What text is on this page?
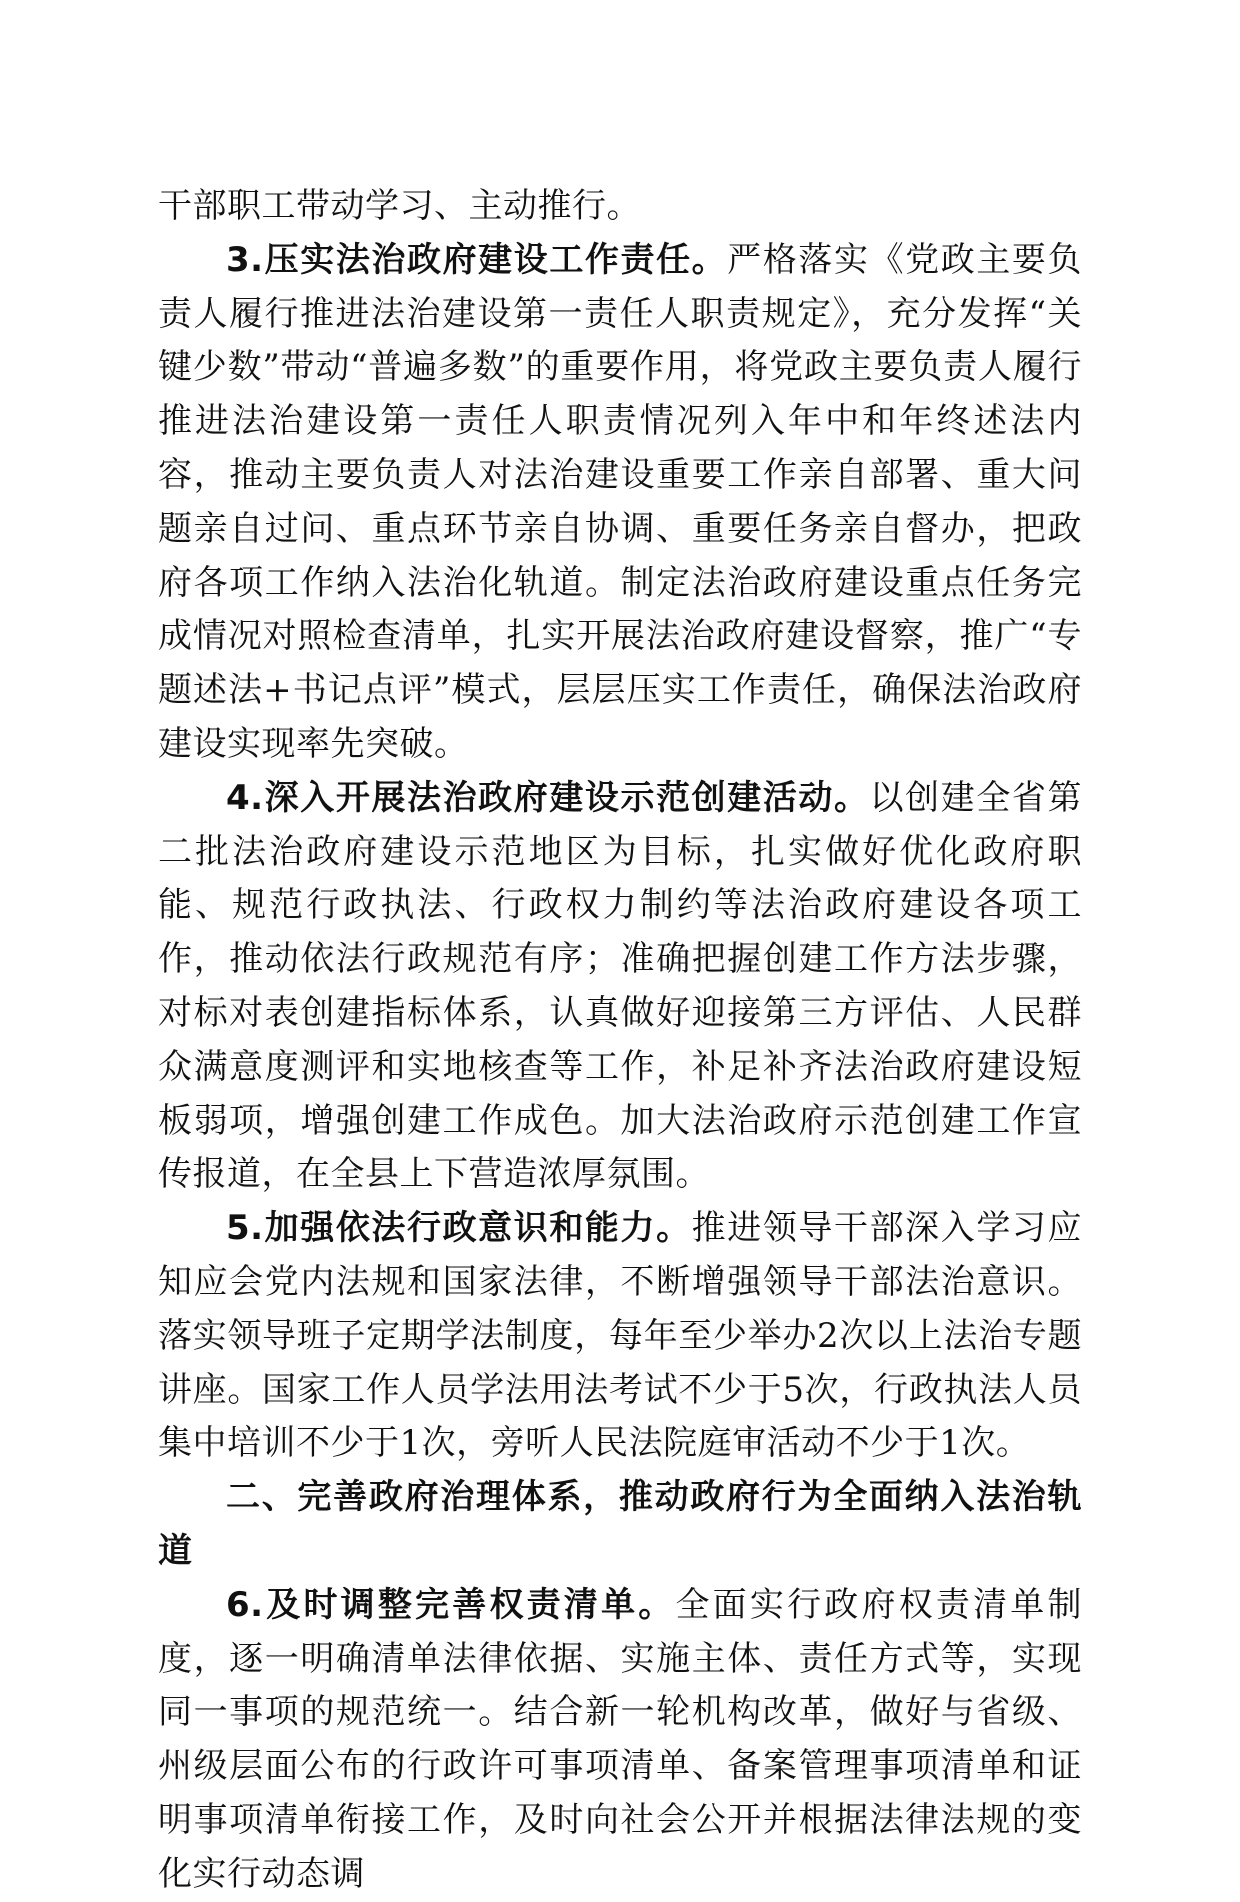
干部职工带动学习、主动推行。

3.压实法治政府建设工作责任。严格落实《党政主要负责人履行推进法治建设第一责任人职责规定》，充分发挥“关键少数”带动“普遍多数”的重要作用，将党政主要负责人履行推进法治建设第一责任人职责情况列入年中和年终述法内容，推动主要负责人对法治建设重要工作亲自部署、重大问题亲自过问、重点环节亲自协调、重要任务亲自督办，把政府各项工作纳入法治化轨道。制定法治政府建设重点任务完成情况对照检查清单，扎实开展法治政府建设督察，推广“专题述法+书记点评”模式，层层压实工作责任，确保法治政府建设实现率先突破。

4.深入开展法治政府建设示范创建活动。以创建全省第二批法治政府建设示范地区为目标，扎实做好优化政府职能、规范行政执法、行政权力制约等法治政府建设各项工作，推动依法行政规范有序；准确把握创建工作方法步骤，对标对表创建指标体系，认真做好迎接第三方评估、人民群众满意度测评和实地核查等工作，补足补齐法治政府建设短板弱项，增强创建工作成色。加大法治政府示范创建工作宣传报道，在全县上下营造浓厚氛围。

5.加强依法行政意识和能力。推进领导干部深入学习应知应会党内法规和国家法律，不断增强领导干部法治意识。落实领导班子定期学法制度，每年至少举办2次以上法治专题讲座。国家工作人员学法用法考试不少于5次，行政执法人员集中培训不少于1次，旁听人民法院庭审活动不少于1次。

二、完善政府治理体系，推动政府行为全面纳入法治轨道

6.及时调整完善权责清单。全面实行政府权责清单制度，逐一明确清单法律依据、实施主体、责任方式等，实现同一事项的规范统一。结合新一轮机构改革，做好与省级、州级层面公布的行政许可事项清单、备案管理事项清单和证明事项清单衔接工作，及时向社会公开并根据法律法规的变化实行动态调
